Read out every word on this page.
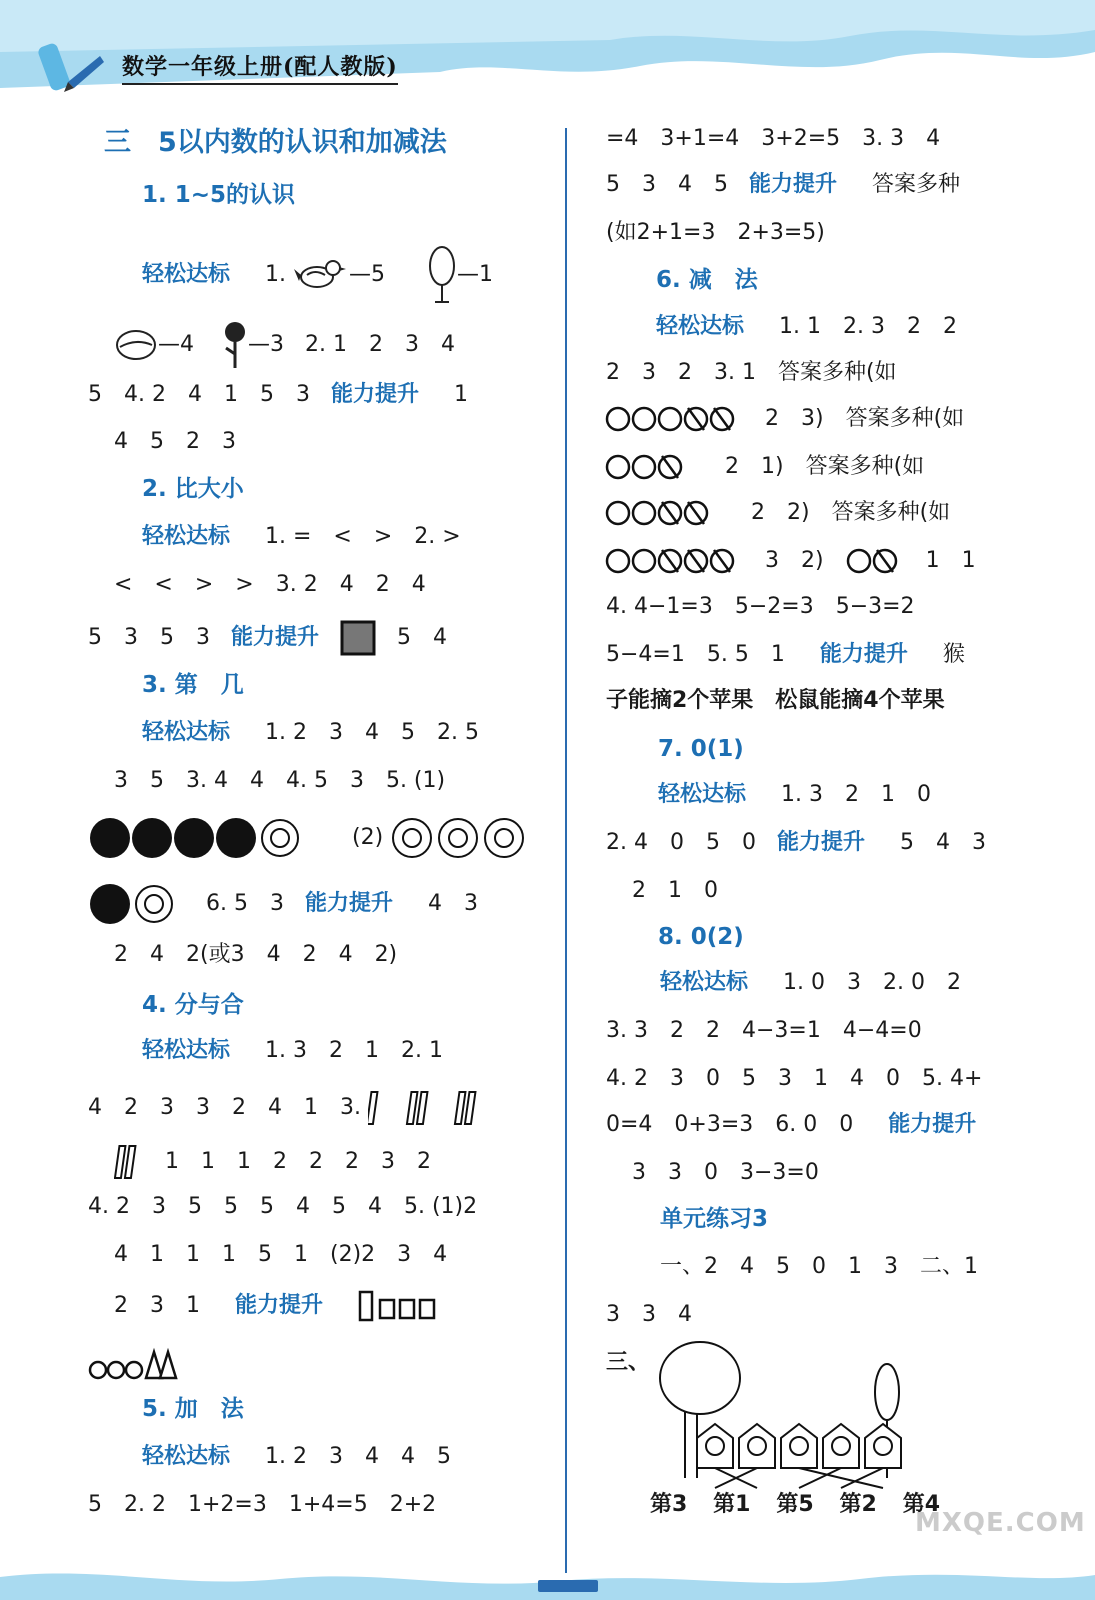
数学一年级上册(配人教版)
三　5以内数的认识和加减法
1. 1~5的认识
轻松达标 1.	—5	—1
—4 —3 2. 1　2　3　4
5　4. 2　4　1　5　3 能力提升 1
4　5　2　3
2. 比大小
轻松达标 1. =　<　>　2. >
<　<　>　>　3. 2　4　2　4
5　3　5　3 能力提升	5　4
3. 第　几
轻松达标 1. 2　3　4　5　2. 5
3　5　3. 4　4　4. 5　3　5. (1)
(2)
6. 5　3 能力提升 4　3
2　4　2(或3　4　2　4　2)
4. 分与合
轻松达标 1. 3　2　1　2. 1
4　2　3　3　2　4　1　3.
1　1　1　2　2　2　3　2
4. 2　3　5　5　5　4　5　4　5. (1)2
4　1　1　1　5　1　(2)2　3　4
2　3　1 能力提升
5. 加　法
轻松达标 1. 2　3　4　4　5
5　2. 2　1+2=3　1+4=5　2+2
=4　3+1=4　3+2=5　3. 3　4
5　3　4　5 能力提升 答案多种
(如2+1=3　2+3=5)
6. 减　法
轻松达标 1. 1　2. 3　2　2
2　3　2　3. 1　答案多种(如
2　3)　答案多种(如
2　1)　答案多种(如
2　2)　答案多种(如
3　2)	1　1
4. 4−1=3　5−2=3　5−3=2
5−4=1　5. 5　1 能力提升 猴
子能摘2个苹果　松鼠能摘4个苹果
7. 0(1)
轻松达标 1. 3　2　1　0
2. 4　0　5　0 能力提升 5　4　3
2　1　0
8. 0(2)
轻松达标 1. 0　3　2. 0　2
3. 3　2　2　4−3=1　4−4=0
4. 2　3　0　5　3　1　4　0　5. 4+
0=4　0+3=3　6. 0　0 能力提升
3　3　0　3−3=0
单元练习3
一、2　4　5　0　1　3　二、1
3　3　4
三、
第3 第1 第5 第2 第4
MXQE.COM
